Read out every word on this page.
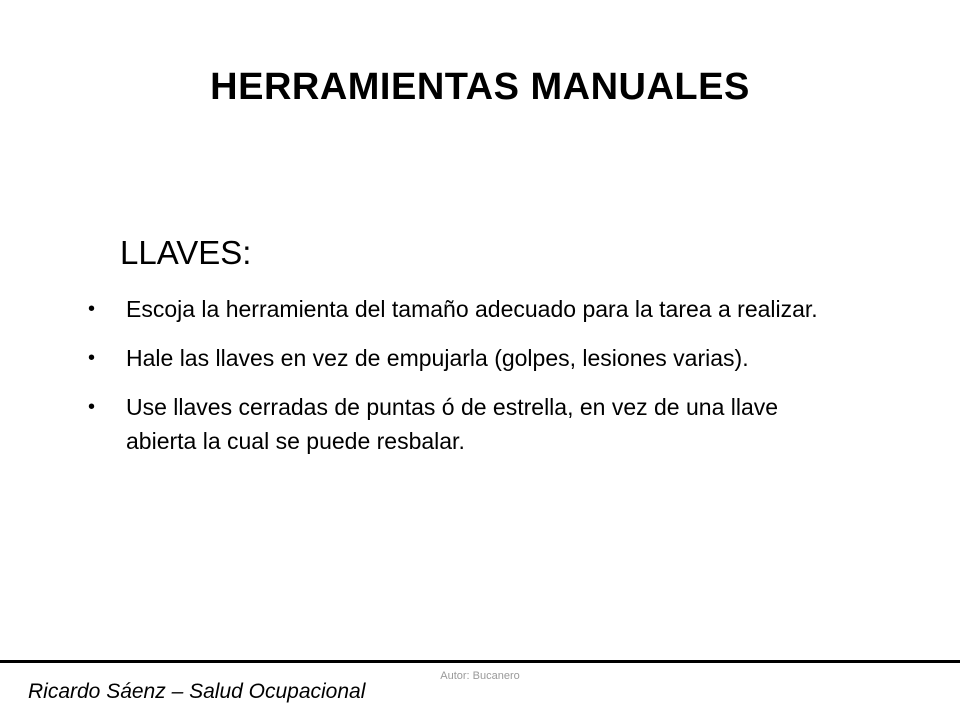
HERRAMIENTAS MANUALES
LLAVES:
• Escoja la herramienta del tamaño adecuado para la tarea a realizar.
• Hale las llaves en vez de empujarla (golpes, lesiones varias).
• Use llaves cerradas de puntas ó de estrella, en vez de una llave abierta la cual se puede resbalar.
Autor: Bucanero
Ricardo Sáenz – Salud Ocupacional
